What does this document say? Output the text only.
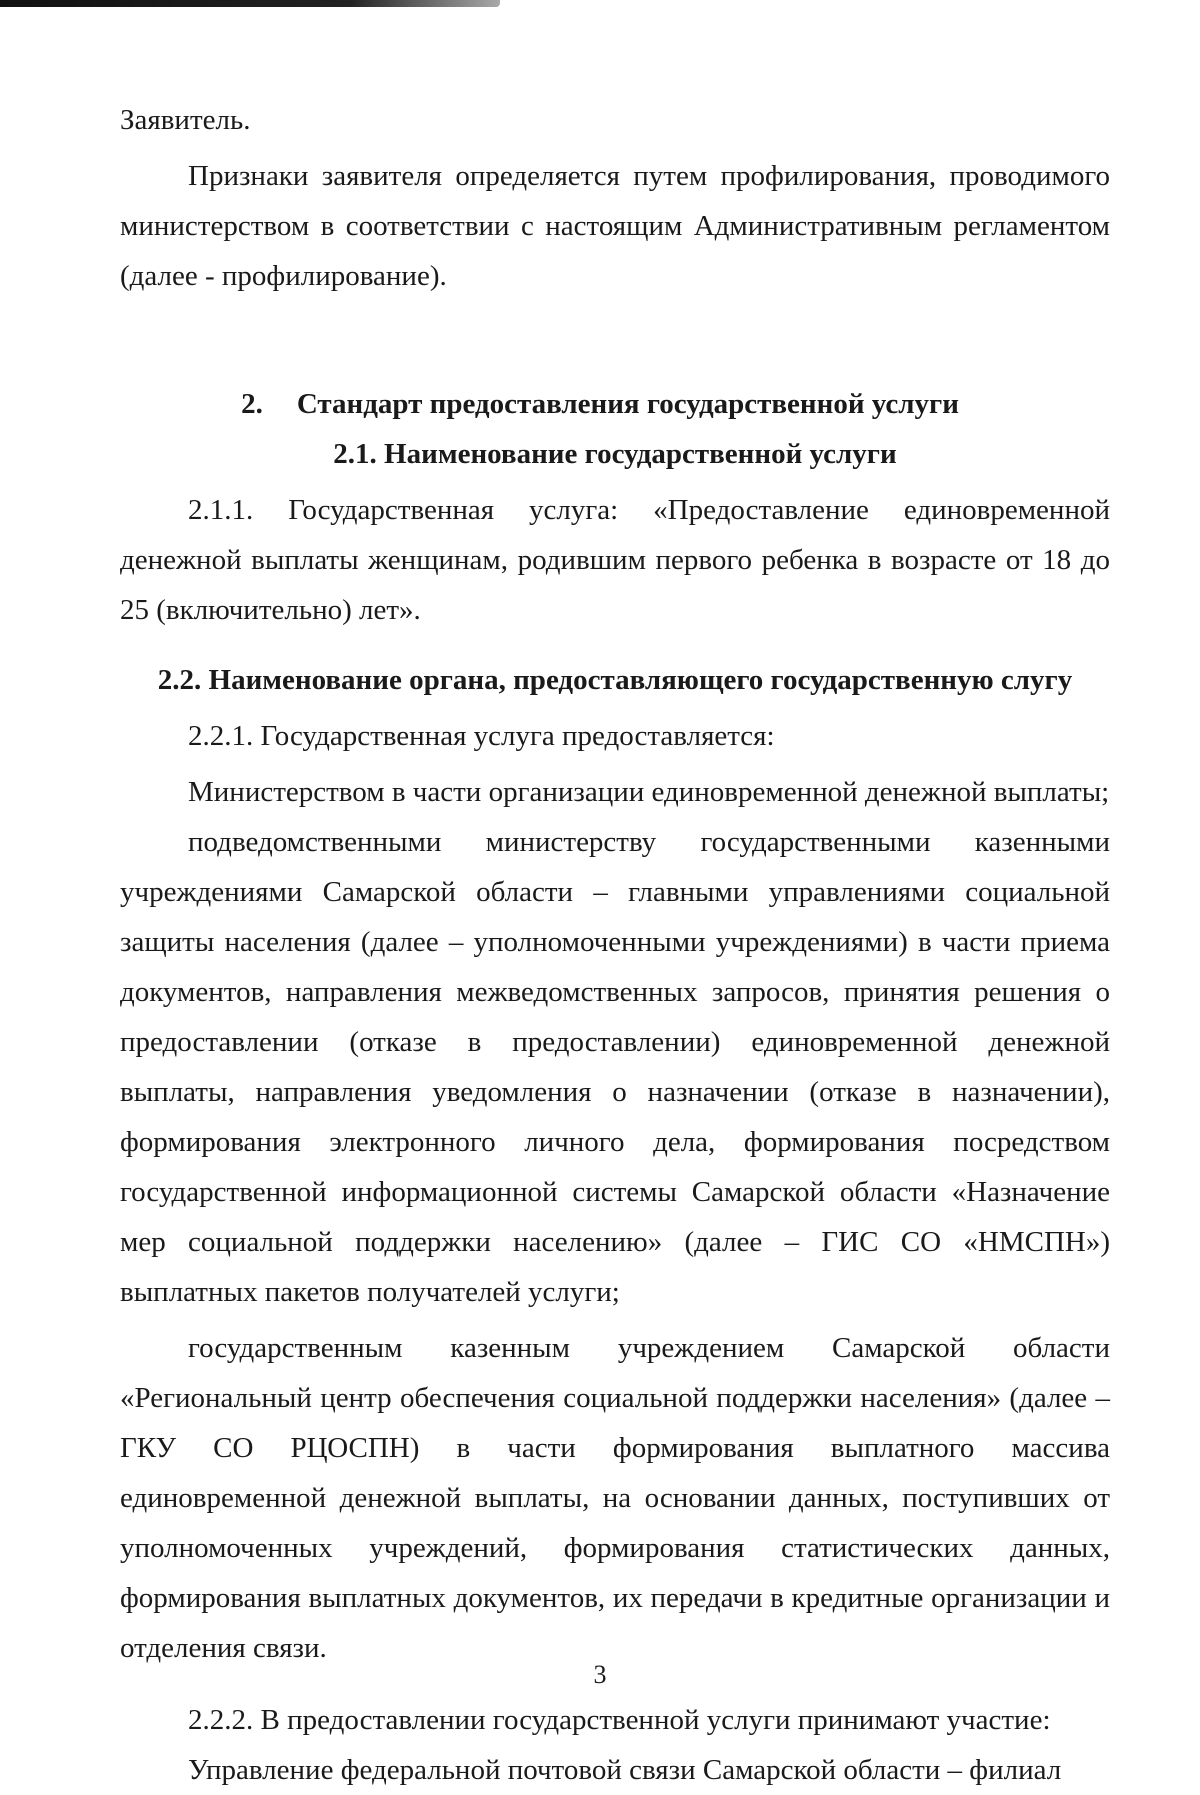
Заявитель.

Признаки заявителя определяется путем профилирования, проводимого министерством в соответствии с настоящим Административным регламентом (далее - профилирование).

2. Стандарт предоставления государственной услуги
2.1. Наименование государственной услуги

2.1.1. Государственная услуга: «Предоставление единовременной денежной выплаты женщинам, родившим первого ребенка в возрасте от 18 до 25 (включительно) лет».

2.2. Наименование органа, предоставляющего государственную слугу

2.2.1. Государственная услуга предоставляется:

Министерством в части организации единовременной денежной выплаты;

подведомственными министерству государственными казенными учреждениями Самарской области – главными управлениями социальной защиты населения (далее – уполномоченными учреждениями) в части приема документов, направления межведомственных запросов, принятия решения о предоставлении (отказе в предоставлении) единовременной денежной выплаты, направления уведомления о назначении (отказе в назначении), формирования электронного личного дела, формирования посредством государственной информационной системы Самарской области «Назначение мер социальной поддержки населению» (далее – ГИС СО «НМСПН») выплатных пакетов получателей услуги;

государственным казенным учреждением Самарской области «Региональный центр обеспечения социальной поддержки населения» (далее – ГКУ СО РЦОСПН) в части формирования выплатного массива единовременной денежной выплаты, на основании данных, поступивших от уполномоченных учреждений, формирования статистических данных, формирования выплатных документов, их передачи в кредитные организации и отделения связи.

2.2.2. В предоставлении государственной услуги принимают участие:

Управление федеральной почтовой связи Самарской области – филиал

3
